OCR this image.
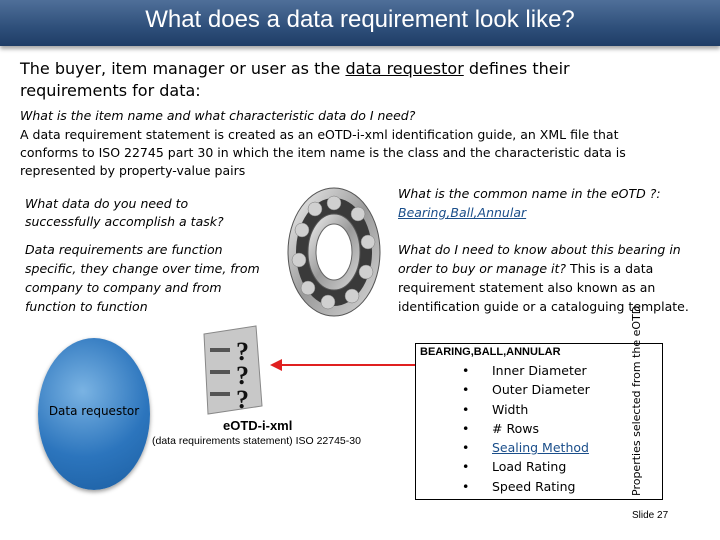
What does a data requirement look like?
The buyer, item manager or user as the data requestor defines their requirements for data:
What is the item name and what characteristic data do I need?
A data requirement statement is created as an eOTD-i-xml identification guide, an XML file that conforms to ISO 22745 part 30 in which the item name is the class and the characteristic data is represented by property-value pairs
What data do you need to successfully accomplish a task?
Data requirements are function specific, they change over time, from company to company and from function to function
What is the common name in the eOTD ?:
Bearing,Ball,Annular
What do I need to know about this bearing in order to buy or manage it? This is a data requirement statement also known as an identification guide or a cataloguing template.
Data requestor
?
?
?
eOTD-i-xml
(data requirements statement) ISO 22745-30
BEARING,BALL,ANNULAR
• Inner Diameter
• Outer Diameter
• Width
• # Rows
• Sealing Method
• Load Rating
• Speed Rating	Properties selected from the eOTD
Slide 27
